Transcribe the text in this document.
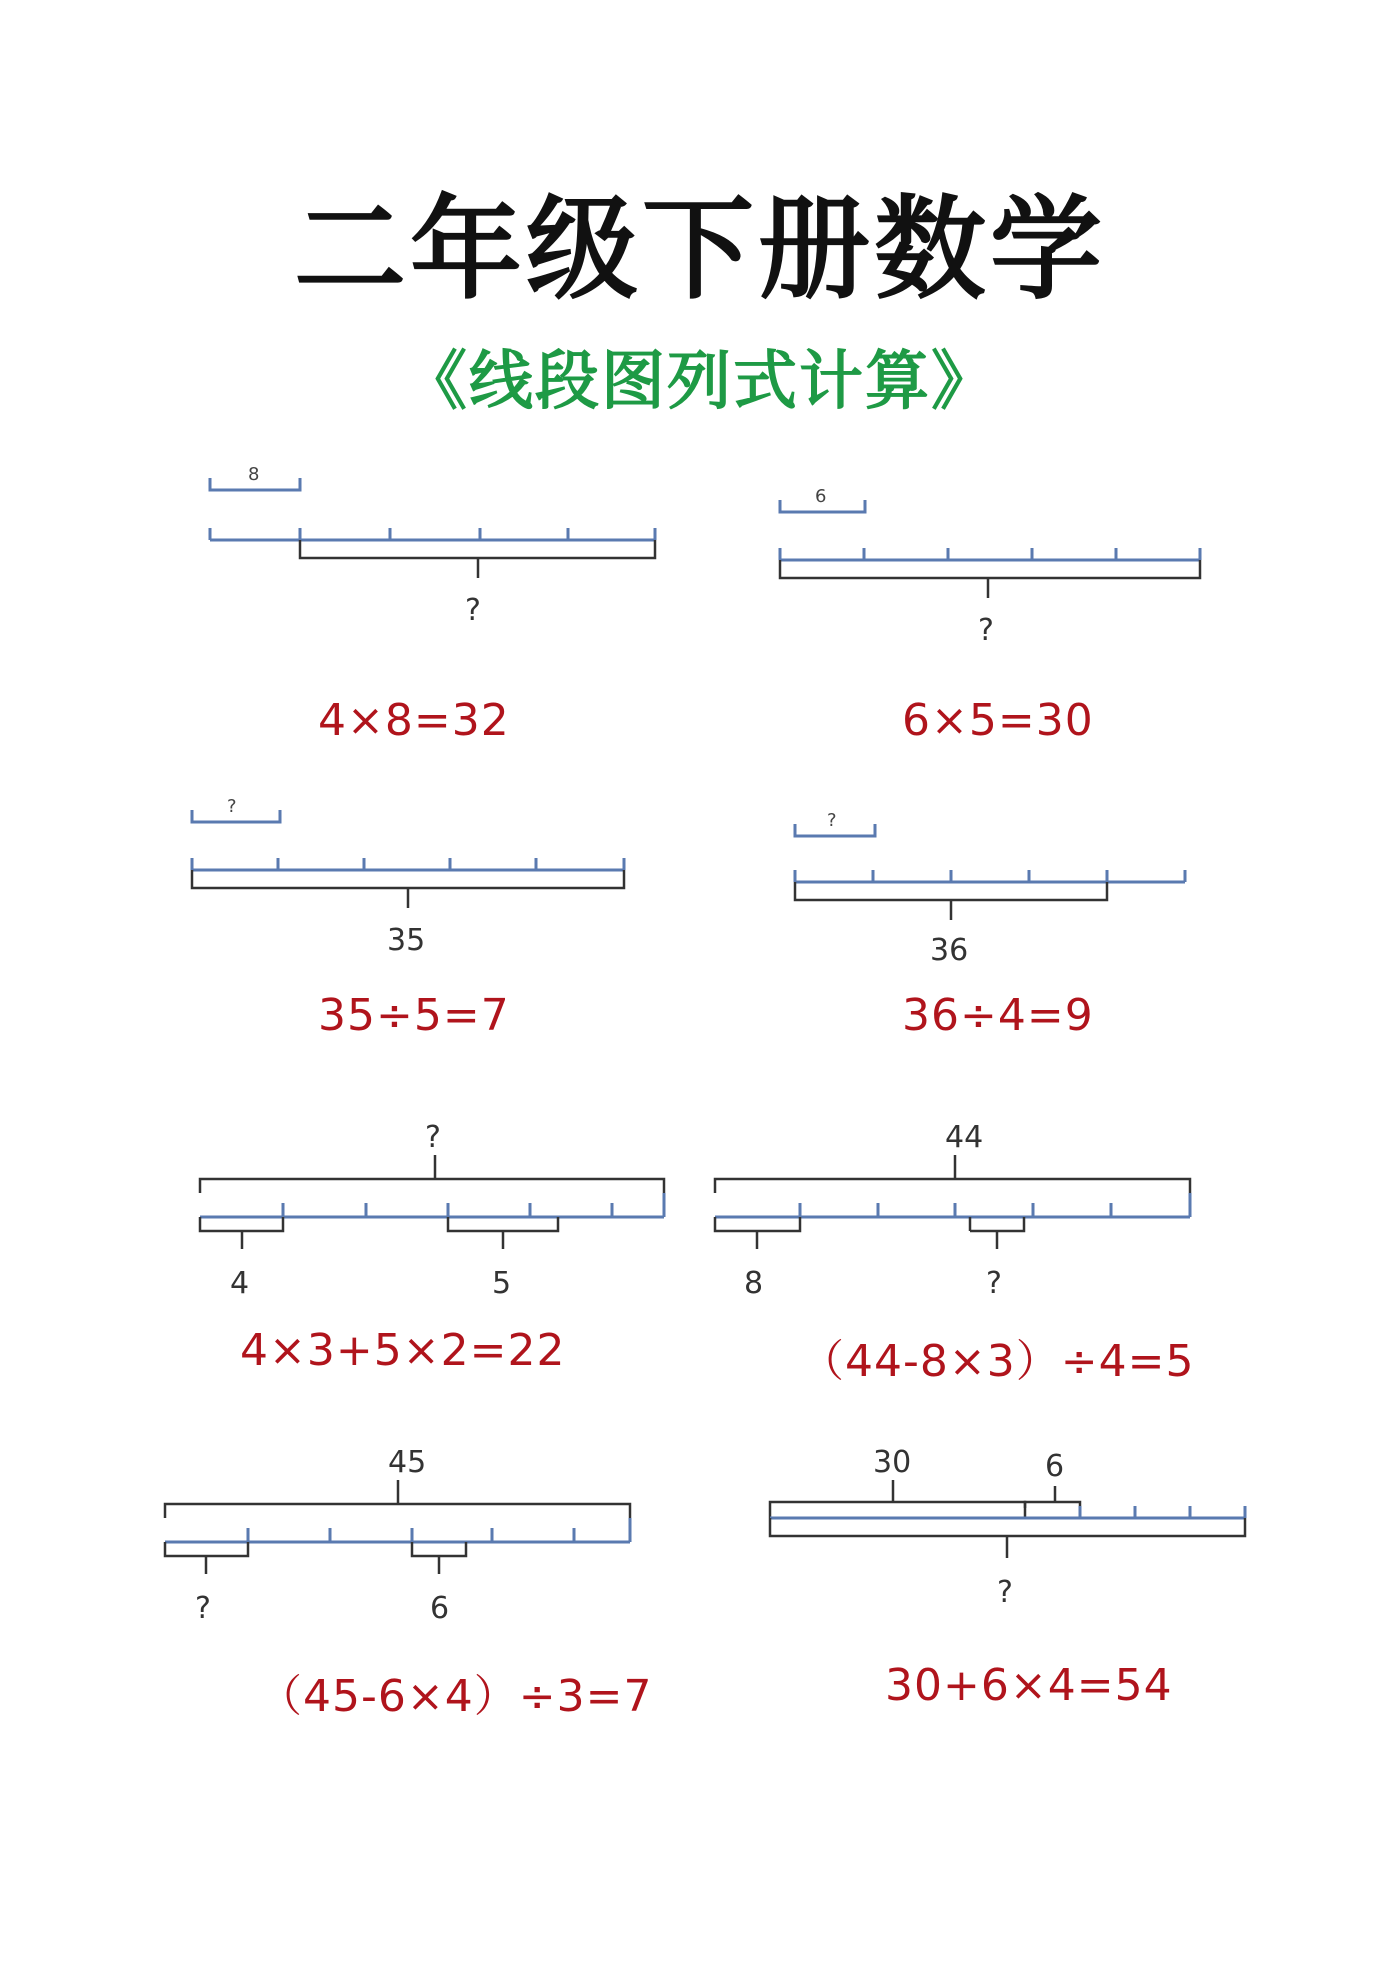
二年级下册数学
《线段图列式计算》
8
?
4×8=32
6
?
6×5=30
?
35
35÷5=7
?
36
36÷4=9
?
4	5
4×3+5×2=22
44
8	?
（44-8×3）÷4=5
45
?	6
（45-6×4）÷3=7
30	6
?
30+6×4=54
